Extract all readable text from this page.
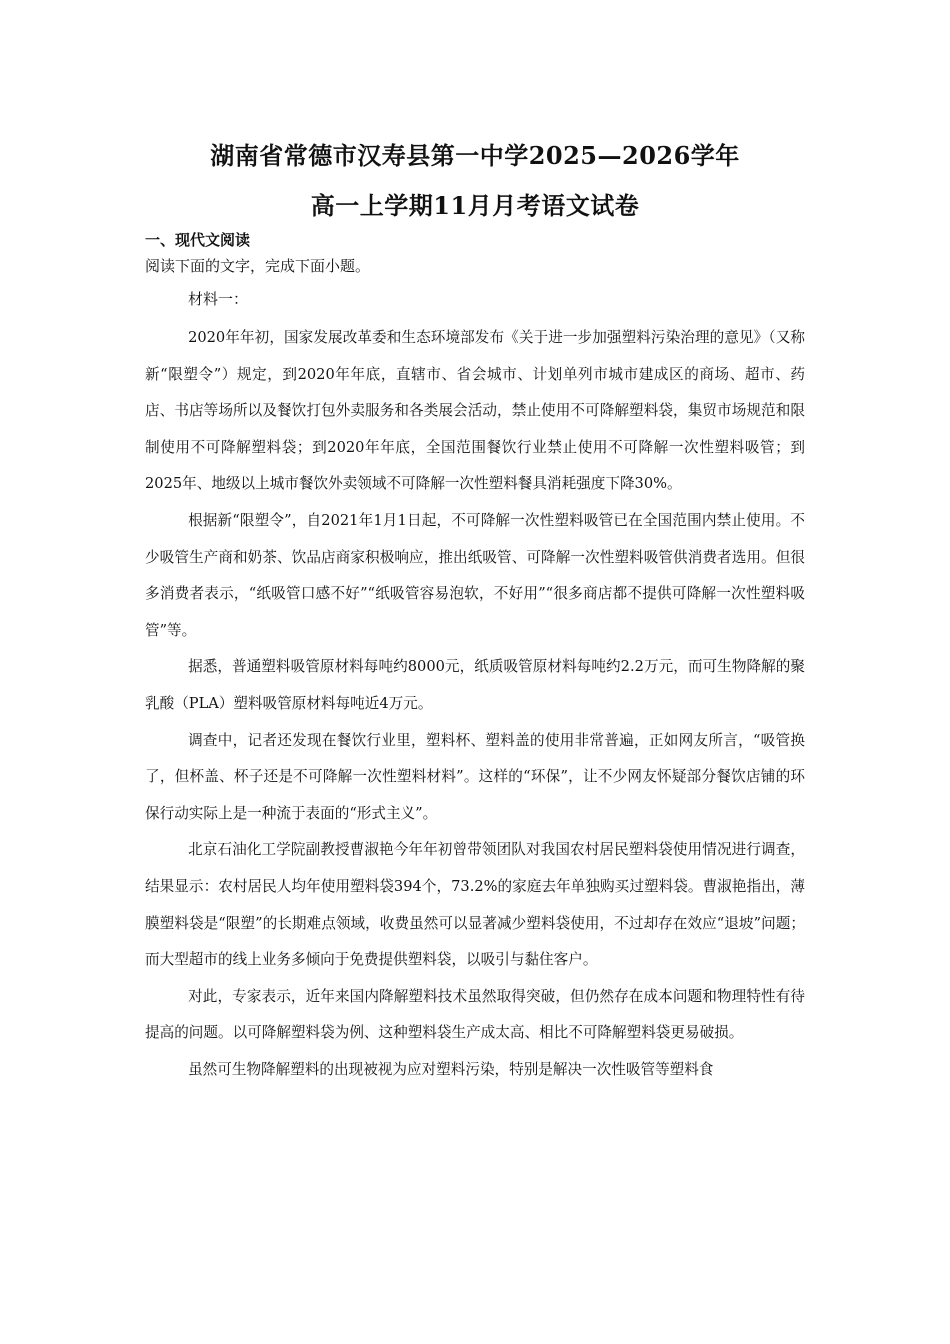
湖南省常德市汉寿县第一中学2025—2026学年
高一上学期11月月考语文试卷
一、现代文阅读
阅读下面的文字，完成下面小题。
材料一：

2020年年初，国家发展改革委和生态环境部发布《关于进一步加强塑料污染治理的意见》（又称新“限塑令”）规定，到2020年年底，直辖市、省会城市、计划单列市城市建成区的商场、超市、药店、书店等场所以及餐饮打包外卖服务和各类展会活动，禁止使用不可降解塑料袋，集贸市场规范和限制使用不可降解塑料袋；到2020年年底，全国范围餐饮行业禁止使用不可降解一次性塑料吸管；到2025年、地级以上城市餐饮外卖领域不可降解一次性塑料餐具消耗强度下降30%。

根据新“限塑令”，自2021年1月1日起，不可降解一次性塑料吸管已在全国范围内禁止使用。不少吸管生产商和奶茶、饮品店商家积极响应，推出纸吸管、可降解一次性塑料吸管供消费者选用。但很多消费者表示，“纸吸管口感不好”“纸吸管容易泡软，不好用”“很多商店都不提供可降解一次性塑料吸管”等。

据悉，普通塑料吸管原材料每吨约8000元，纸质吸管原材料每吨约2.2万元，而可生物降解的聚乳酸（PLA）塑料吸管原材料每吨近4万元。

调查中，记者还发现在餐饮行业里，塑料杯、塑料盖的使用非常普遍，正如网友所言，“吸管换了，但杯盖、杯子还是不可降解一次性塑料材料”。这样的“环保”，让不少网友怀疑部分餐饮店铺的环保行动实际上是一种流于表面的“形式主义”。

北京石油化工学院副教授曹淑艳今年年初曾带领团队对我国农村居民塑料袋使用情况进行调查，结果显示：农村居民人均年使用塑料袋394个，73.2%的家庭去年单独购买过塑料袋。曹淑艳指出，薄膜塑料袋是“限塑”的长期难点领域，收费虽然可以显著减少塑料袋使用，不过却存在效应“退坡”问题；而大型超市的线上业务多倾向于免费提供塑料袋，以吸引与黏住客户。

对此，专家表示，近年来国内降解塑料技术虽然取得突破，但仍然存在成本问题和物理特性有待提高的问题。以可降解塑料袋为例、这种塑料袋生产成太高、相比不可降解塑料袋更易破损。

虽然可生物降解塑料的出现被视为应对塑料污染，特别是解决一次性吸管等塑料食
